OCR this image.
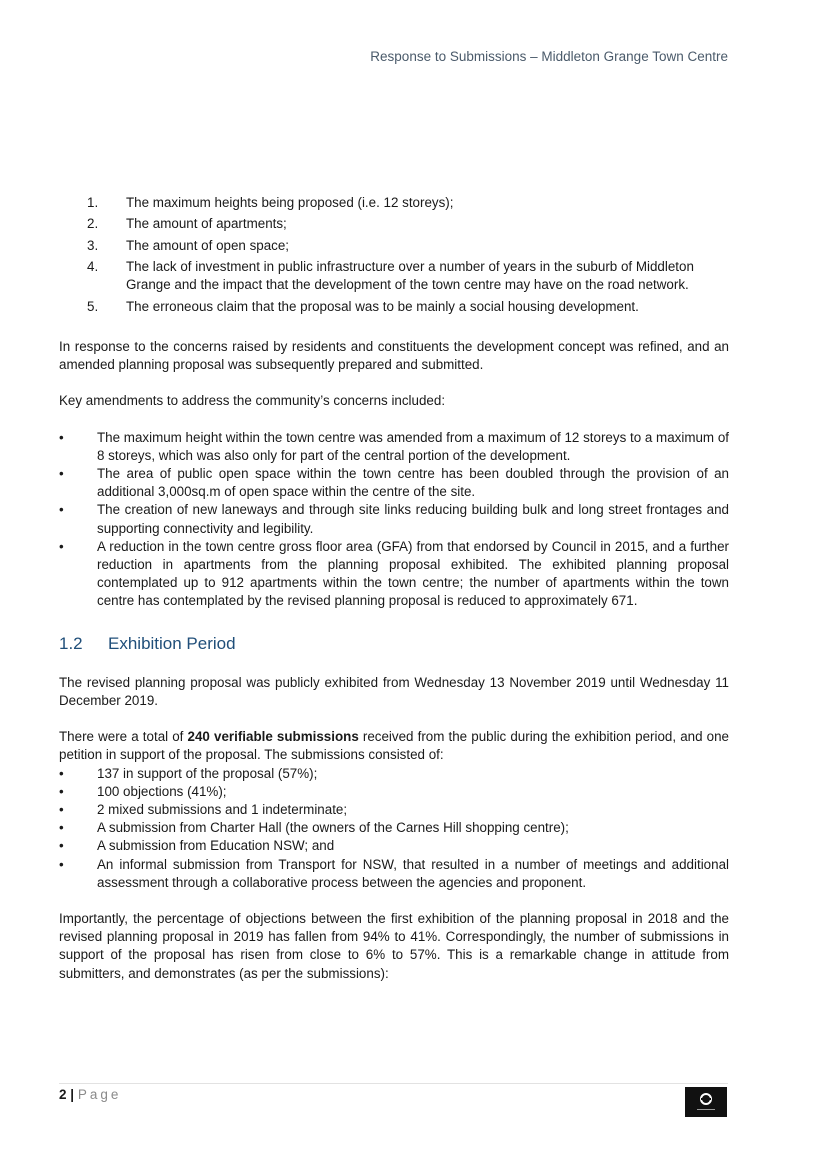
Response to Submissions – Middleton Grange Town Centre
1. The maximum heights being proposed (i.e. 12 storeys);
2. The amount of apartments;
3. The amount of open space;
4. The lack of investment in public infrastructure over a number of years in the suburb of Middleton Grange and the impact that the development of the town centre may have on the road network.
5. The erroneous claim that the proposal was to be mainly a social housing development.

In response to the concerns raised by residents and constituents the development concept was refined, and an amended planning proposal was subsequently prepared and submitted.

Key amendments to address the community’s concerns included:

• The maximum height within the town centre was amended from a maximum of 12 storeys to a maximum of 8 storeys, which was also only for part of the central portion of the development.
• The area of public open space within the town centre has been doubled through the provision of an additional 3,000sq.m of open space within the centre of the site.
• The creation of new laneways and through site links reducing building bulk and long street frontages and supporting connectivity and legibility.
• A reduction in the town centre gross floor area (GFA) from that endorsed by Council in 2015, and a further reduction in apartments from the planning proposal exhibited. The exhibited planning proposal contemplated up to 912 apartments within the town centre; the number of apartments within the town centre has contemplated by the revised planning proposal is reduced to approximately 671.
1.2 Exhibition Period

The revised planning proposal was publicly exhibited from Wednesday 13 November 2019 until Wednesday 11 December 2019.

There were a total of 240 verifiable submissions received from the public during the exhibition period, and one petition in support of the proposal. The submissions consisted of:

• 137 in support of the proposal (57%);
• 100 objections (41%);
• 2 mixed submissions and 1 indeterminate;
• A submission from Charter Hall (the owners of the Carnes Hill shopping centre);
• A submission from Education NSW; and
• An informal submission from Transport for NSW, that resulted in a number of meetings and additional assessment through a collaborative process between the agencies and proponent.

Importantly, the percentage of objections between the first exhibition of the planning proposal in 2018 and the revised planning proposal in 2019 has fallen from 94% to 41%. Correspondingly, the number of submissions in support of the proposal has risen from close to 6% to 57%. This is a remarkable change in attitude from submitters, and demonstrates (as per the submissions):

2 | Page
